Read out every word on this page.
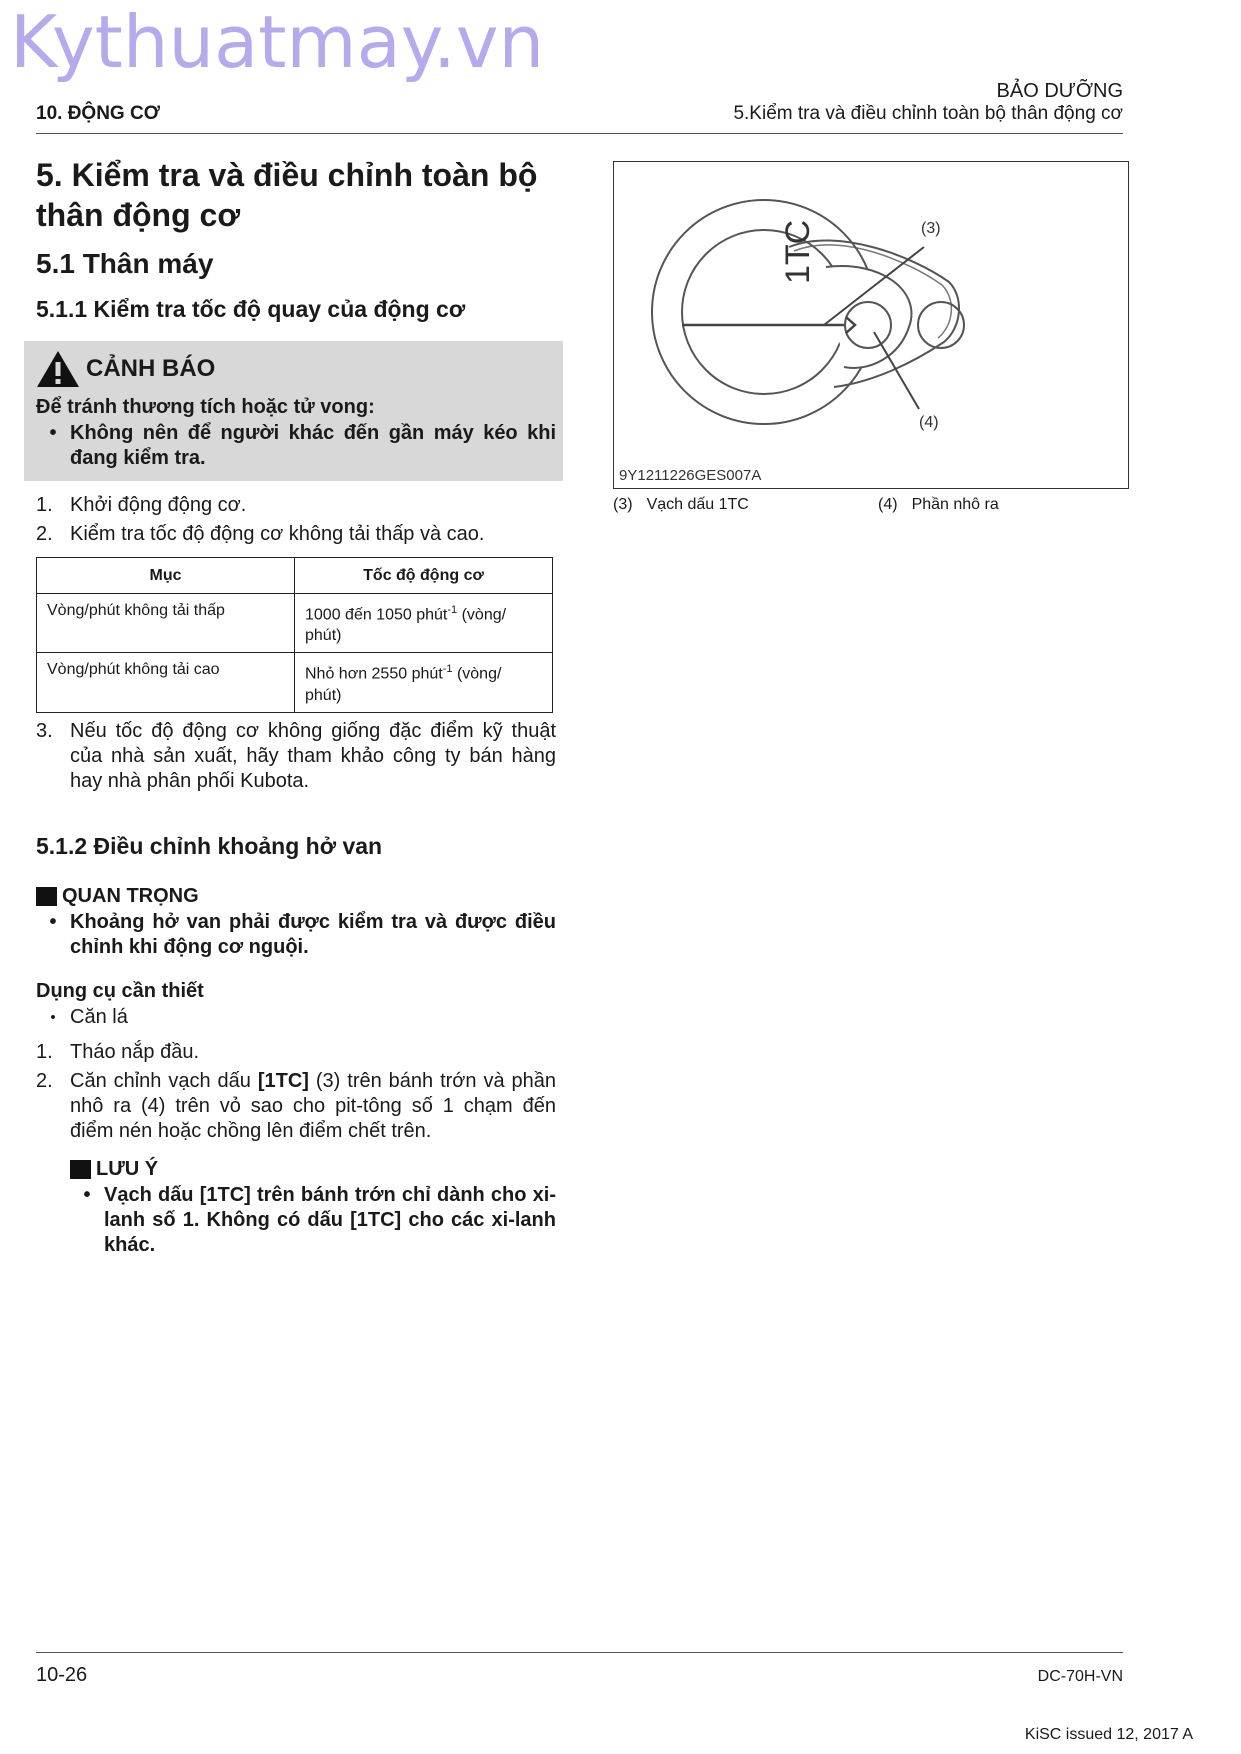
Kythuatmay.vn
BẢO DƯỠNG
10. ĐỘNG CƠ	5.Kiểm tra và điều chỉnh toàn bộ thân động cơ
5. Kiểm tra và điều chỉnh toàn bộ thân động cơ
5.1 Thân máy
5.1.1 Kiểm tra tốc độ quay của động cơ
CẢNH BÁO
Để tránh thương tích hoặc tử vong:
• Không nên để người khác đến gần máy kéo khi đang kiểm tra.
1. Khởi động động cơ.
2. Kiểm tra tốc độ động cơ không tải thấp và cao.
Mục	Tốc độ động cơ
Vòng/phút không tải thấp	1000 đến 1050 phút$^{-1}$ (vòng/ phút)
Vòng/phút không tải cao	Nhỏ hơn 2550 phút$^{-1}$ (vòng/ phút)
3. Nếu tốc độ động cơ không giống đặc điểm kỹ thuật của nhà sản xuất, hãy tham khảo công ty bán hàng hay nhà phân phối Kubota.
5.1.2 Điều chỉnh khoảng hở van
QUAN TRỌNG
• Khoảng hở van phải được kiểm tra và được điều chỉnh khi động cơ nguội.
Dụng cụ cần thiết
• Căn lá
1. Tháo nắp đầu.
2. Căn chỉnh vạch dấu [1TC] (3) trên bánh trớn và phần nhô ra (4) trên vỏ sao cho pit-tông số 1 chạm đến điểm nén hoặc chồng lên điểm chết trên.
LƯU Ý
• Vạch dấu [1TC] trên bánh trớn chỉ dành cho xi-lanh số 1. Không có dấu [1TC] cho các xi-lanh khác.
1TC	(3)
(4)
9Y1211226GES007A
(3) Vạch dấu 1TC	(4) Phần nhô ra
10-26	DC-70H-VN
KiSC issued 12, 2017 A
